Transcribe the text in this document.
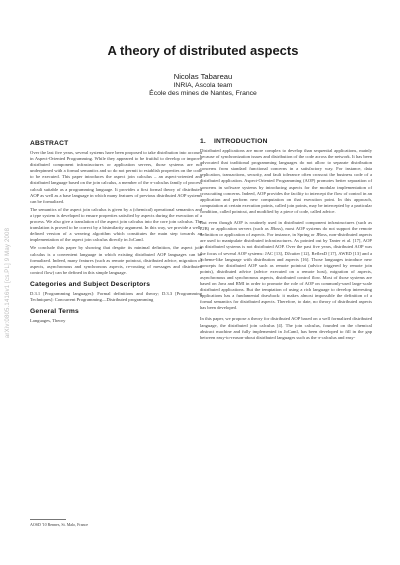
arXiv:0805.1416v1 [cs.PL] 9 May 2008
A theory of distributed aspects
Nicolas Tabareau
INRIA, Ascola team
École des mines de Nantes, France
ABSTRACT

Over the last five years, several systems have been proposed to take distribution into account in Aspect-Oriented Programming. While they appeared to be fruitful to develop or improve distributed component infrastructures or application servers, those systems are not underpinned with a formal semantics and so do not permit to establish properties on the code to be executed. This paper introduces the aspect join calculus – an aspect-oriented and distributed language based on the join calculus, a member of the π-calculus family of process calculi suitable as a programming language. It provides a first formal theory of distributed AOP as well as a base language in which many features of previous distributed AOP systems can be formalized.

The semantics of the aspect join calculus is given by a (chemical) operational semantics and a type system is developed to ensure properties satisfied by aspects during the execution of a process. We also give a translation of the aspect join calculus into the core join calculus. The translation is proved to be correct by a bisimilarity argument. In this way, we provide a well-defined version of a weaving algorithm which constitutes the main step towards an implementation of the aspect join calculus directly in JoCaml.

We conclude this paper by showing that despite its minimal definition, the aspect join calculus is a convenient language in which existing distributed AOP languages can be formalized. Indeed, many features (such as remote pointcut, distributed advice, migration of aspects, asynchronous and synchronous aspects, re-routing of messages and distributed control flow) can be defined in this simple language.

Categories and Subject Descriptors

D.3.1 [Programming languages]: Formal definitions and theory; D.3.3 [Programming Techniques]: Concurrent Programming—Distributed programming

General Terms

Languages, Theory

AOSD '10 Rennes, St. Malo, France
1. INTRODUCTION

Distributed applications are more complex to develop than sequential applications, mainly because of synchronization issues and distribution of the code across the network. It has been advocated that traditional programming languages do not allow to separate distribution concerns from standard functional concerns in a satisfactory way. For instance, data replication, transactions, security, and fault tolerance often crosscut the business code of a distributed application. Aspect-Oriented Programming (AOP) promotes better separation of concerns in software systems by introducing aspects for the modular implementation of crosscutting concerns. Indeed, AOP provides the facility to intercept the flow of control in an application and perform new computation on that execution point. In this approach, computation at certain execution points, called join points, may be intercepted by a particular condition, called pointcut, and modified by a piece of code, called advice.

But even though AOP is routinely used in distributed component infrastructures (such as EJB) or application servers (such as JBoss), most AOP systems do not support the remote definition or application of aspects. For instance, in Spring or JBoss, non-distributed aspects are used to manipulate distributed infrastructures. As pointed out by Tanter et al. [17], AOP in distributed systems is not distributed AOP. Over the past five years, distributed AOP was the focus of several AOP systems: JAC [13], DJcutter [12], ReflexD [17], AWED [13] and a Scheme-like language with distribution and aspects [16]. Those languages introduce new concepts for distributed AOP such as remote pointcut (advice triggered by remote join points), distributed advice (advice executed on a remote host), migration of aspects, asynchronous and synchronous aspects, distributed control flow. Most of those systems are based on Java and RMI in order to promote the role of AOP on commonly-used large-scale distributed applications. But the temptation of using a rich language to develop interesting applications has a fundamental drawback: it makes almost impossible the definition of a formal semantics for distributed aspects. Therefore, to date, no theory of distributed aspects has been developed.

In this paper, we propose a theory for distributed AOP based on a well formalized distributed language, the distributed join calculus [4]. The join calculus, founded on the chemical abstract machine and fully implemented in JoCaml, has been developed to fill in the gap between easy-to-reason-about distributed languages such as the π-calculus and easy-
